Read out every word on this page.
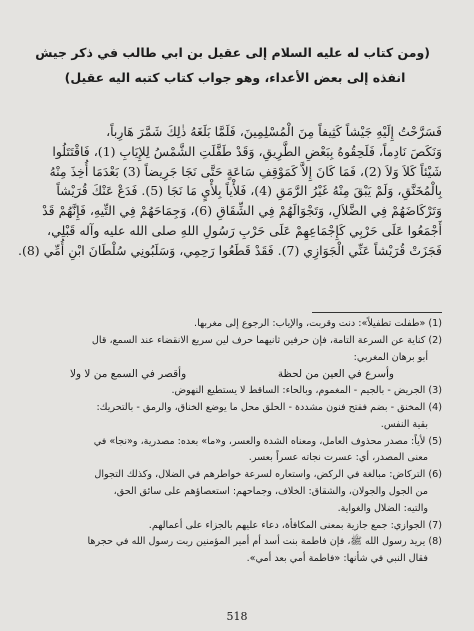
(ومن كتاب له عليه السلام إلى عقيل بن ابي طالب في ذكر جيش
انفذه إلى بعض الأعداء، وهو جواب كتاب كتبه اليه عقيل)
فَسَرَّحْتُ إِلَيْهِ جَيْشاً كَثِيفاً مِنَ الْمُسْلِمِينَ، فَلَمَّا بَلَغَهُ ذٰلِكَ شَمَّرَ هَارِباً،
وَنَكَصَ نَادِماً، فَلَحِقُوهُ بِبَعْضِ الطَّرِيقِ، وَقَدْ طَفَّلَتِ الشَّمْسُ لِلإِيَابِ (1)، فَاقْتَتَلُوا
شَيْئاً كَلاَ وَلاَ (2)، فَمَا كَانَ إِلاَّ كَمَوْقِفِ سَاعَةٍ حَتَّى نَجَا جَرِيضاً (3) بَعْدَمَا أُخِذَ مِنْهُ
بِالْمُخَنَّقِ، وَلَمْ يَبْقَ مِنْهُ غَيْرُ الرَّمَقِ (4)، فَلأْياً بِلأْيٍ مَا نَجَا (5). فَدَعْ عَنْكَ قُرَيْشاً
وَتَرْكَاضَهُمْ فِي الضَّلاَلِ، وَتَجْوَالَهُمْ فِي الشِّقَاقِ (6)، وَجِمَاحَهُمْ فِي التِّيهِ، فَإِنَّهُمْ قَدْ
أَجْمَعُوا عَلَى حَرْبِي كَإِجْمَاعِهِمْ عَلَى حَرْبِ رَسُولِ اللهِ صلى الله عليه وآله قَبْلِي،
فَجَزَتْ قُرَيْشاً عَنِّي الْجَوَازِي (7). فَقَدْ قَطَعُوا رَحِمِي، وَسَلَبُونِي سُلْطَانَ ابْنِ أُمِّي (8).
(1) «طفلت تطفيلاً»: دنت وقربت، والإياب: الرجوع إلى مغربها.
(2) كناية عن السرعة التامة، فإن حرفين ثانيهما حرف لين سريع الانقضاء عند السمع، قال
أبو برهان المغربي:
وأسرع في العين من لحظة
وأقصر في السمع من لا ولا
(3) الجريض - بالجيم - المغموم، وبالحاء: الساقط لا يستطيع النهوض.
(4) المخنق - بضم ففتح فنون مشددة - الحلق محل ما يوضع الخناق، والرمق - بالتحريك:
بقية النفس.
(5) لأياً: مصدر محذوف العامل، ومعناه الشدة والعسر، و«ما» بعده: مصدرية، و«نجا» في
معنى المصدر، أي: عسرت نجاته عسراً بعسر.
(6) التركاض: مبالغة في الركض، واستعاره لسرعة خواطرهم في الضلال، وكذلك التجوال
من الجول والجولان، والشقاق: الخلاف، وجماحهم: استعصاؤهم على سائق الحق،
والتيه: الضلال والغواية.
(7) الجوازي: جمع جازية بمعنى المكافأة، دعاء عليهم بالجزاء على أعمالهم.
(8) يريد رسول الله ﷺ، فإن فاطمة بنت أسد أم أمير المؤمنين ربت رسول الله في حجرها
فقال النبي في شأنها: «فاطمة أمي بعد أمي».
518
